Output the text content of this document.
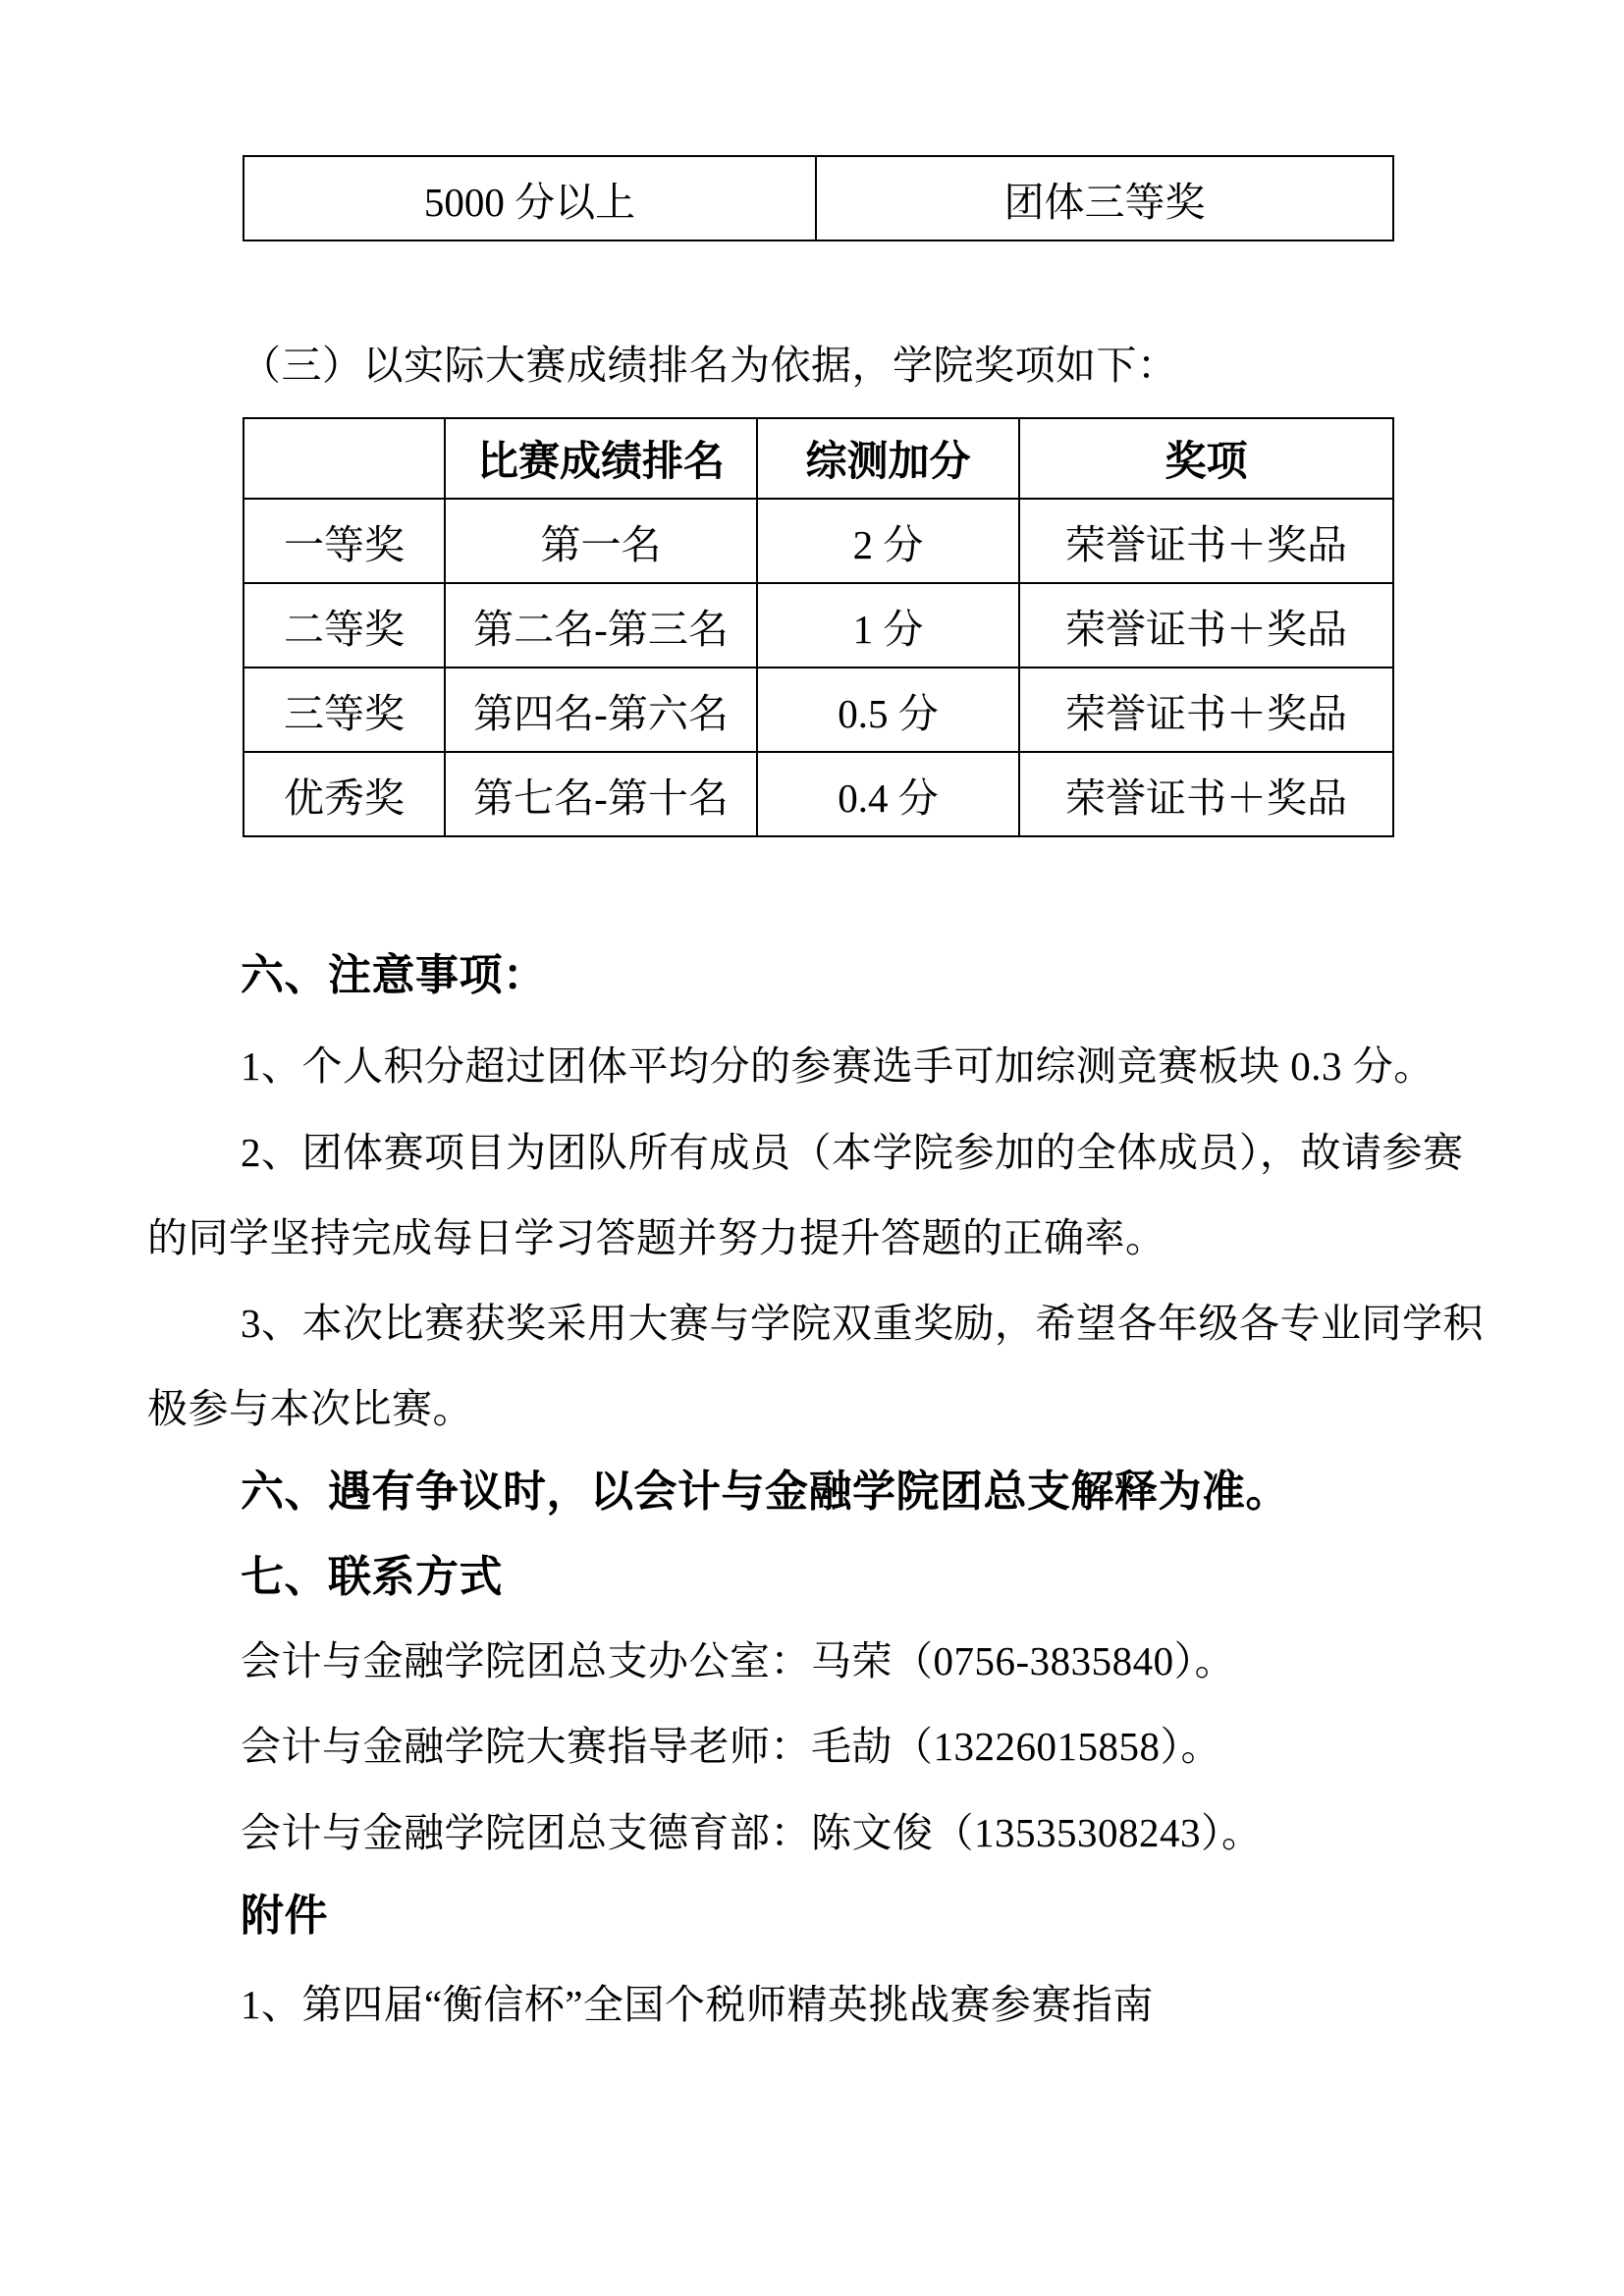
5000 分以上	团体三等奖
（三）以实际大赛成绩排名为依据，学院奖项如下：
	比赛成绩排名	综测加分	奖项
一等奖	第一名	2 分	荣誉证书＋奖品
二等奖	第二名-第三名	1 分	荣誉证书＋奖品
三等奖	第四名-第六名	0.5 分	荣誉证书＋奖品
优秀奖	第七名-第十名	0.4 分	荣誉证书＋奖品
六、注意事项：
1、个人积分超过团体平均分的参赛选手可加综测竞赛板块 0.3 分。
2、团体赛项目为团队所有成员（本学院参加的全体成员），故请参赛
的同学坚持完成每日学习答题并努力提升答题的正确率。
3、本次比赛获奖采用大赛与学院双重奖励，希望各年级各专业同学积
极参与本次比赛。
六、遇有争议时，以会计与金融学院团总支解释为准。
七、联系方式
会计与金融学院团总支办公室：马荣（0756-3835840）。
会计与金融学院大赛指导老师：毛劼（13226015858）。
会计与金融学院团总支德育部：陈文俊（13535308243）。
附件
1、第四届“衡信杯”全国个税师精英挑战赛参赛指南
